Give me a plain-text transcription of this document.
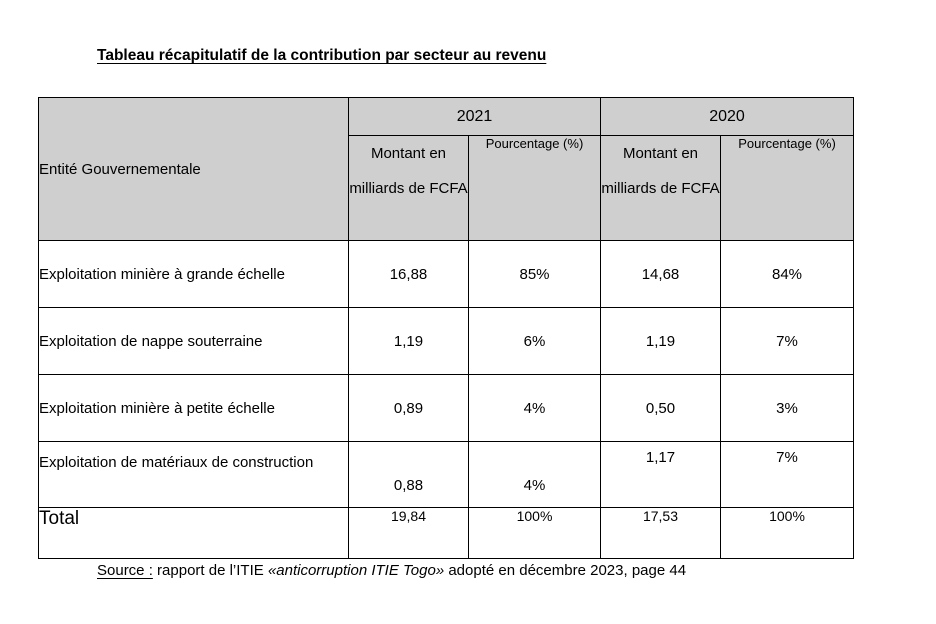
Tableau récapitulatif de la contribution par secteur au revenu
Entité Gouvernementale	2021		2020	
	Montant en milliards de FCFA	Pourcentage (%)	Montant en milliards de FCFA	Pourcentage (%)
Exploitation minière à grande échelle	16,88	85%	14,68	84%
Exploitation de nappe souterraine	1,19	6%	1,19	7%
Exploitation minière à petite échelle	0,89	4%	0,50	3%
Exploitation de matériaux de construction	0,88	4%	1,17	7%
Total	19,84	100%	17,53	100%
Source : rapport de l’ITIE «anticorruption ITIE Togo» adopté en décembre 2023, page 44
